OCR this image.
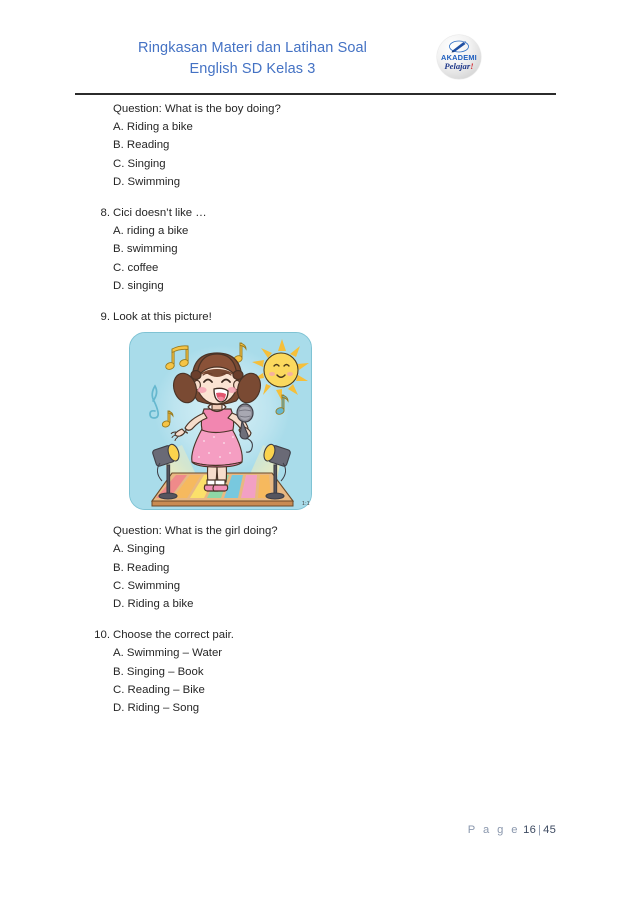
Ringkasan Materi dan Latihan Soal
English SD Kelas 3
AKADEMI
Pelajar!
Question: What is the boy doing?
A. Riding a bike
B. Reading
C. Singing
D. Swimming
8. Cici doesn’t like …
A. riding a bike
B. swimming
C. coffee
D. singing
9. Look at this picture!
1:1
Question: What is the girl doing?
A. Singing
B. Reading
C. Swimming
D. Riding a bike
10. Choose the correct pair.
A. Swimming – Water
B. Singing – Book
C. Reading – Bike
D. Riding – Song
P a g e 16 | 45
